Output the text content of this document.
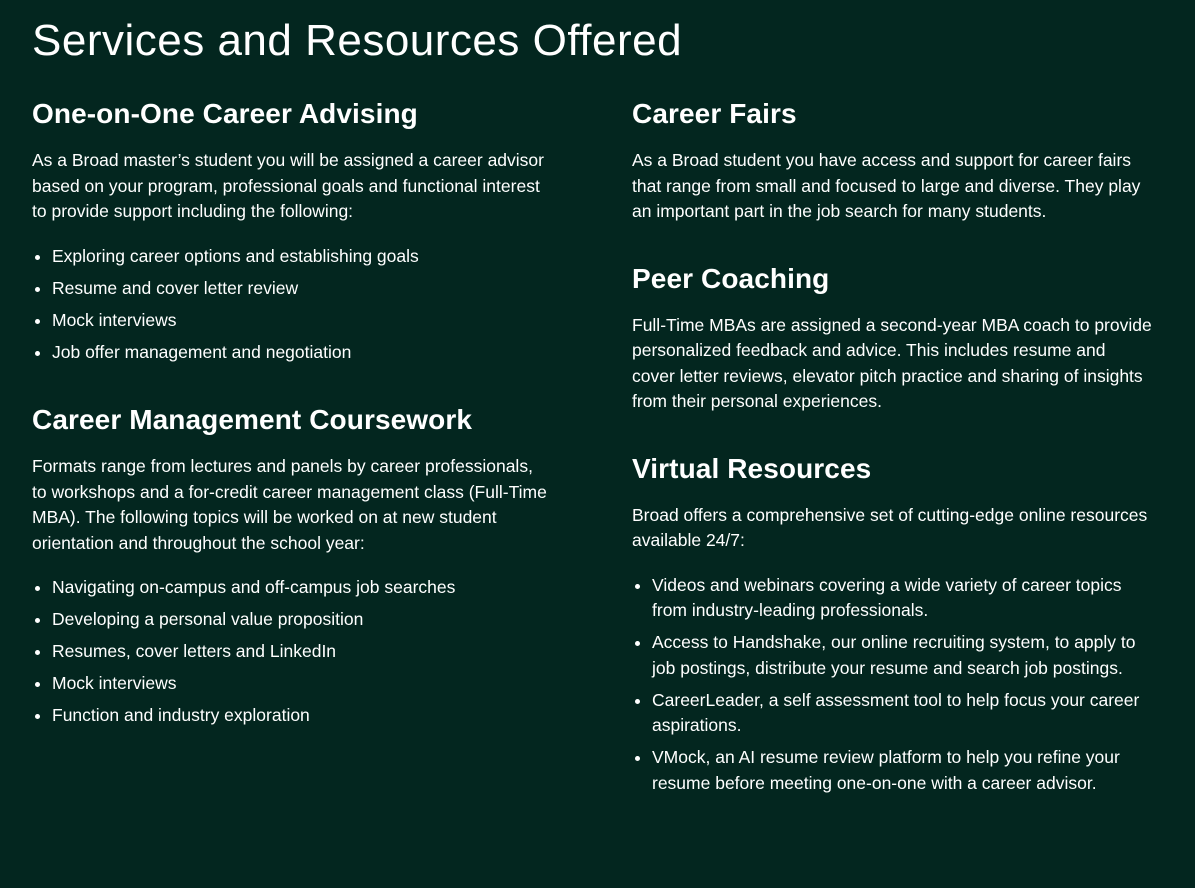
Services and Resources Offered
One-on-One Career Advising

As a Broad master’s student you will be assigned a career advisor based on your program, professional goals and functional interest to provide support including the following:

Exploring career options and establishing goals
Resume and cover letter review
Mock interviews
Job offer management and negotiation
Career Management Coursework

Formats range from lectures and panels by career professionals, to workshops and a for-credit career management class (Full-Time MBA). The following topics will be worked on at new student orientation and throughout the school year:

Navigating on-campus and off-campus job searches
Developing a personal value proposition
Resumes, cover letters and LinkedIn
Mock interviews
Function and industry exploration
Career Fairs

As a Broad student you have access and support for career fairs that range from small and focused to large and diverse. They play an important part in the job search for many students.

Peer Coaching

Full-Time MBAs are assigned a second-year MBA coach to provide personalized feedback and advice. This includes resume and cover letter reviews, elevator pitch practice and sharing of insights from their personal experiences.

Virtual Resources

Broad offers a comprehensive set of cutting-edge online resources available 24/7:

Videos and webinars covering a wide variety of career topics from industry-leading professionals.
Access to Handshake, our online recruiting system, to apply to job postings, distribute your resume and search job postings.
CareerLeader, a self assessment tool to help focus your career aspirations.
VMock, an AI resume review platform to help you refine your resume before meeting one-on-one with a career advisor.
